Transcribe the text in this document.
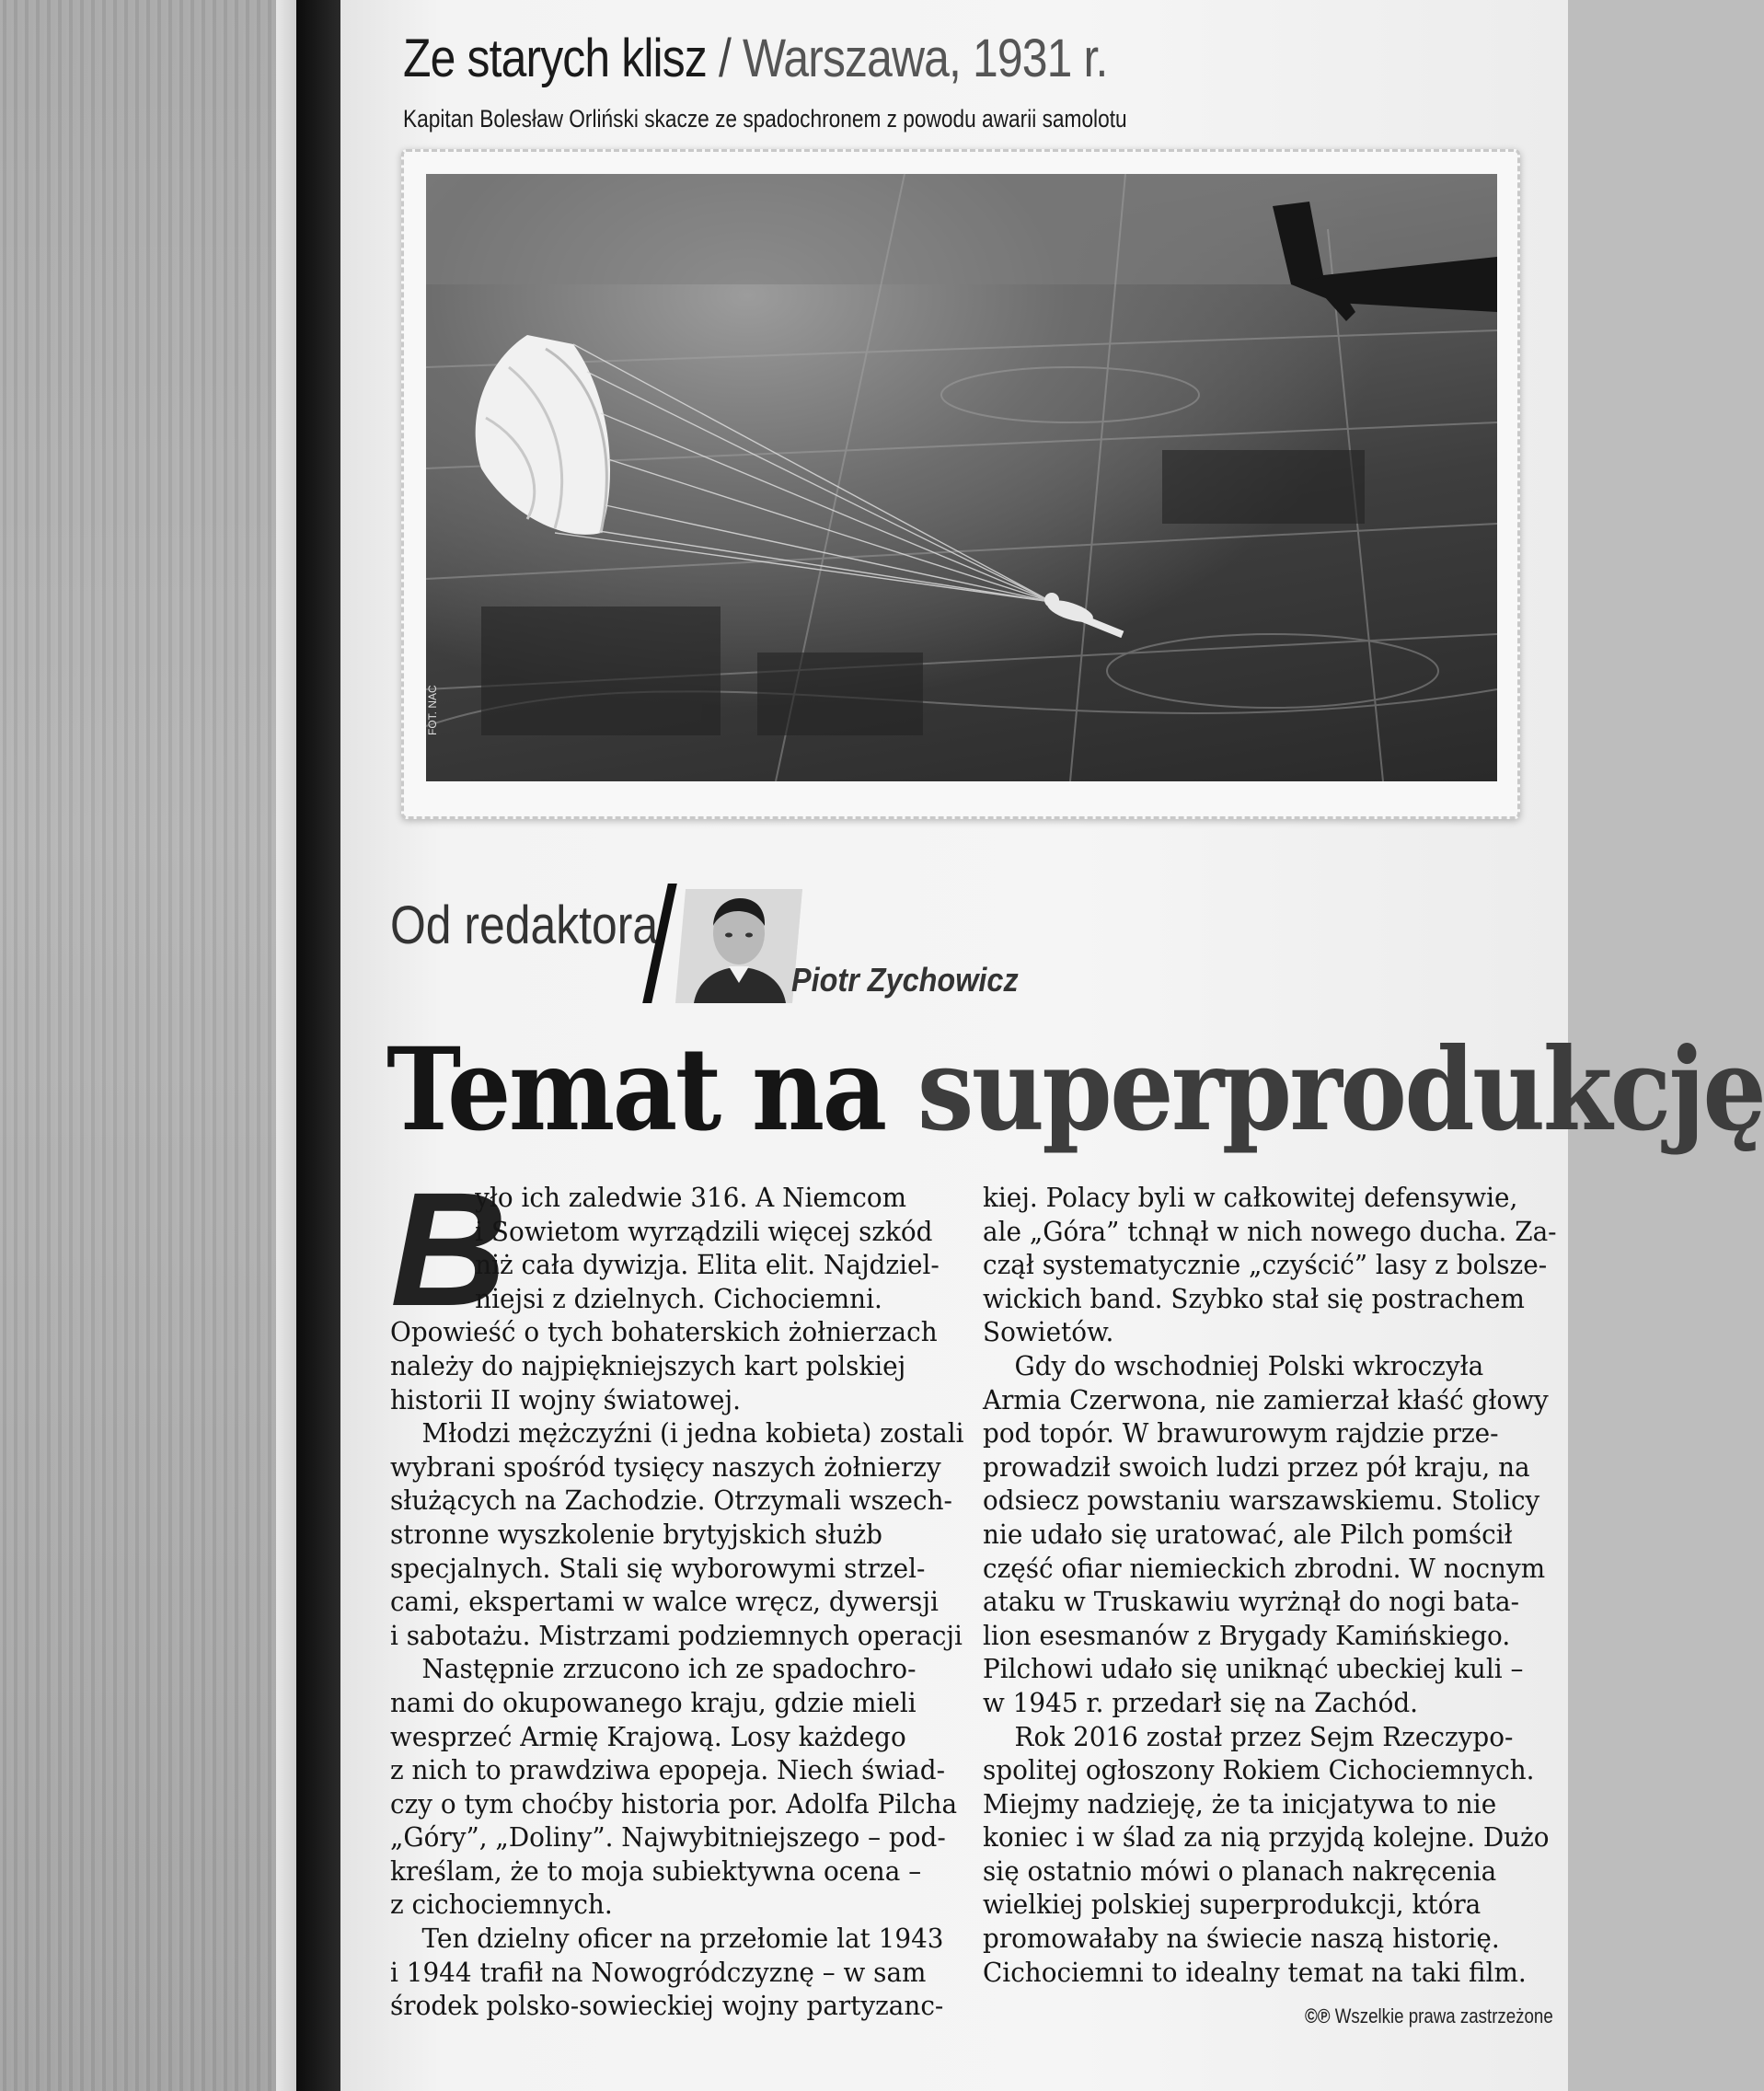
Ze starych klisz / Warszawa, 1931 r.
Kapitan Bolesław Orliński skacze ze spadochronem z powodu awarii samolotu
FOT. NAC
Od redaktora
Piotr Zychowicz
Temat na superprodukcję
B
yło ich zaledwie 316. A Niemcom
i Sowietom wyrządzili więcej szkód
niż cała dywizja. Elita elit. Najdziel-
niejsi z dzielnych. Cichociemni.
Opowieść o tych bohaterskich żołnierzach
należy do najpiękniejszych kart polskiej
historii II wojny światowej.
Młodzi mężczyźni (i jedna kobieta) zostali
wybrani spośród tysięcy naszych żołnierzy
służących na Zachodzie. Otrzymali wszech-
stronne wyszkolenie brytyjskich służb
specjalnych. Stali się wyborowymi strzel-
cami, ekspertami w walce wręcz, dywersji
i sabotażu. Mistrzami podziemnych operacji
Następnie zrzucono ich ze spadochro-
nami do okupowanego kraju, gdzie mieli
wesprzeć Armię Krajową. Losy każdego
z nich to prawdziwa epopeja. Niech świad-
czy o tym choćby historia por. Adolfa Pilcha
„Góry”, „Doliny”. Najwybitniejszego – pod-
kreślam, że to moja subiektywna ocena –
z cichociemnych.
Ten dzielny oficer na przełomie lat 1943
i 1944 trafił na Nowogródczyznę – w sam
środek polsko-sowieckiej wojny partyzanc-
kiej. Polacy byli w całkowitej defensywie,
ale „Góra” tchnął w nich nowego ducha. Za-
czął systematycznie „czyścić” lasy z bolsze-
wickich band. Szybko stał się postrachem
Sowietów.
Gdy do wschodniej Polski wkroczyła
Armia Czerwona, nie zamierzał kłaść głowy
pod topór. W brawurowym rajdzie prze-
prowadził swoich ludzi przez pół kraju, na
odsiecz powstaniu warszawskiemu. Stolicy
nie udało się uratować, ale Pilch pomścił
część ofiar niemieckich zbrodni. W nocnym
ataku w Truskawiu wyrżnął do nogi bata-
lion esesmanów z Brygady Kamińskiego.
Pilchowi udało się uniknąć ubeckiej kuli –
w 1945 r. przedarł się na Zachód.
Rok 2016 został przez Sejm Rzeczypo-
spolitej ogłoszony Rokiem Cichociemnych.
Miejmy nadzieję, że ta inicjatywa to nie
koniec i w ślad za nią przyjdą kolejne. Dużo
się ostatnio mówi o planach nakręcenia
wielkiej polskiej superprodukcji, która
promowałaby na świecie naszą historię.
Cichociemni to idealny temat na taki film.
©℗ Wszelkie prawa zastrzeżone
